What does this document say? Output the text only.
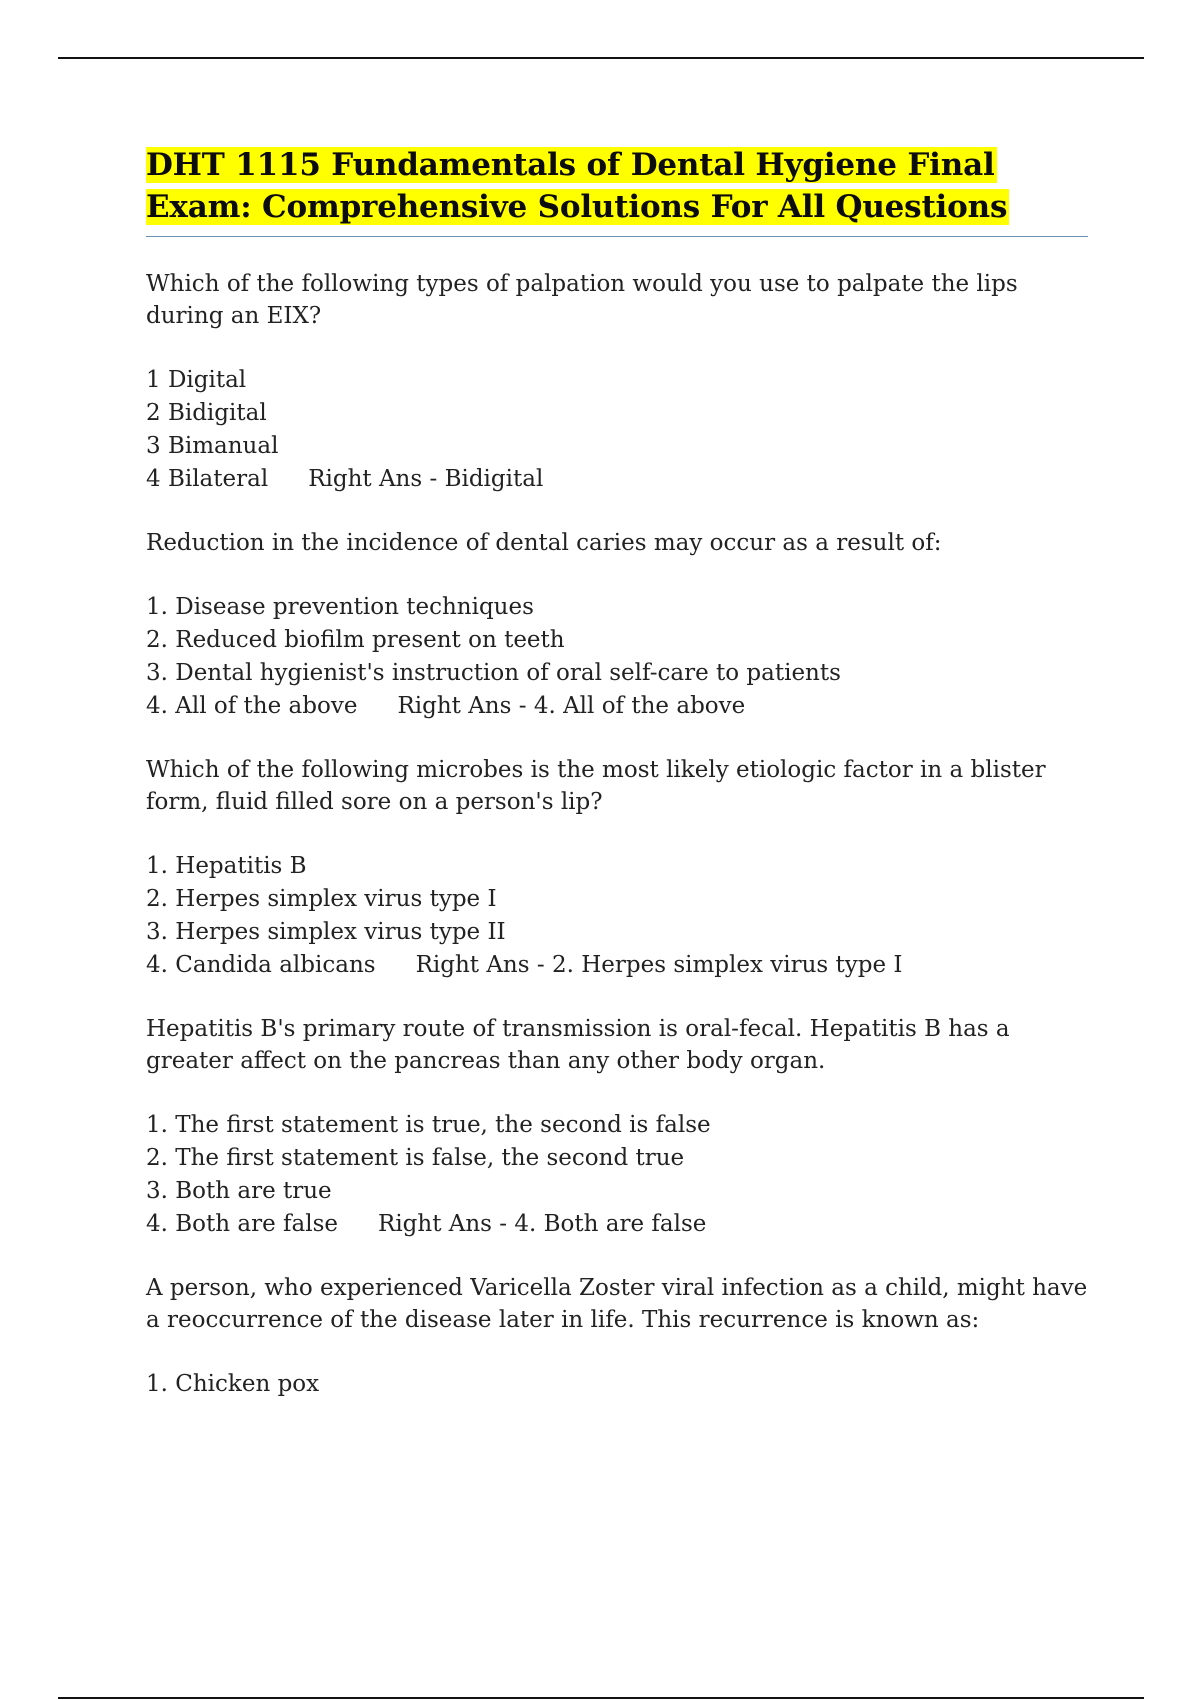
DHT 1115 Fundamentals of Dental Hygiene Final
Exam: Comprehensive Solutions For All Questions

Which of the following types of palpation would you use to palpate the lips during an EIX?

1 Digital

2 Bidigital

3 Bimanual

4 Bilateral Right Ans - Bidigital

Reduction in the incidence of dental caries may occur as a result of:

1. Disease prevention techniques

2. Reduced biofilm present on teeth

3. Dental hygienist's instruction of oral self-care to patients

4. All of the above Right Ans - 4. All of the above

Which of the following microbes is the most likely etiologic factor in a blister form, fluid filled sore on a person's lip?

1. Hepatitis B

2. Herpes simplex virus type I

3. Herpes simplex virus type II

4. Candida albicans Right Ans - 2. Herpes simplex virus type I

Hepatitis B's primary route of transmission is oral-fecal. Hepatitis B has a greater affect on the pancreas than any other body organ.

1. The first statement is true, the second is false

2. The first statement is false, the second true

3. Both are true

4. Both are false Right Ans - 4. Both are false

A person, who experienced Varicella Zoster viral infection as a child, might have a reoccurrence of the disease later in life. This recurrence is known as:

1. Chicken pox
